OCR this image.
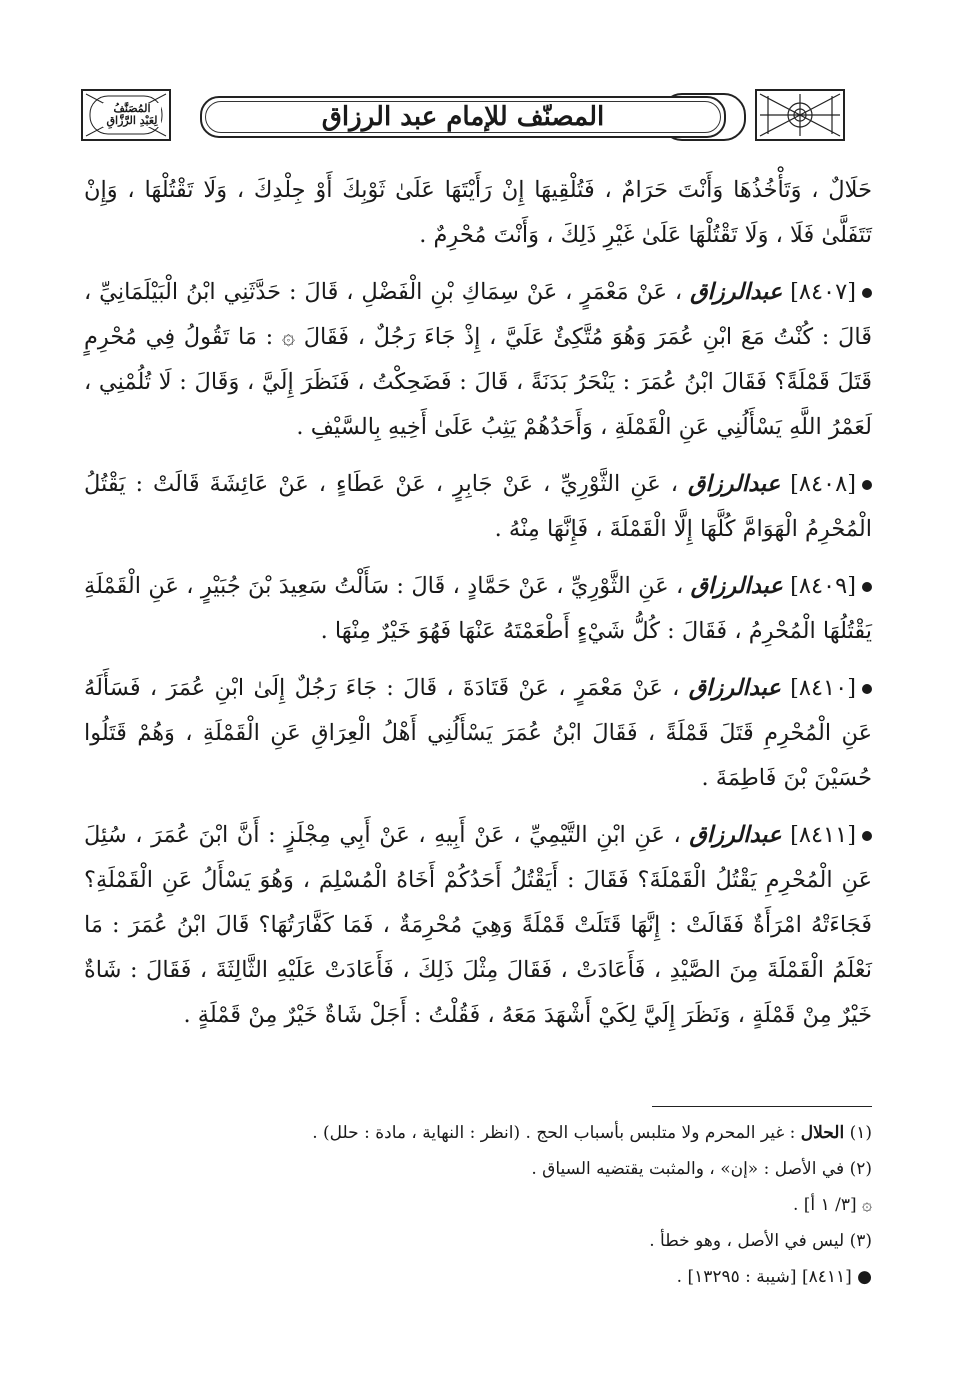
المصنّف للإمام عبد الرزاق
المُصَنَّفُ
لِعَبْدِ الرَّزَّاقِ

حَلَالٌ ، وَتَأْخُذُهَا وَأَنْتَ حَرَامٌ ، فَتُلْقِيهَا إِنْ رَأَيْتَهَا عَلَىٰ ثَوْبِكَ أَوْ جِلْدِكَ ، وَلَا تَقْتُلْهَا ، وَإِنْ تَتَفَلَّىٰ فَلَا ، وَلَا تَقْتُلْهَا عَلَىٰ غَيْرِ ذَلِكَ ، وَأَنْتَ مُحْرِمٌ .

[٨٤٠٧] عبدالرزاق ، عَنْ مَعْمَرٍ ، عَنْ سِمَاكِ بْنِ الْفَضْلِ ، قَالَ : حَدَّثَنِي ابْنُ الْبَيْلَمَانِيِّ ، قَالَ : كُنْتُ مَعَ ابْنِ عُمَرَ وَهُوَ مُتَّكِئٌ عَلَيَّ ، إِذْ جَاءَ رَجُلٌ ، فَقَالَ ۞ : مَا تَقُولُ فِي مُحْرِمٍ قَتَلَ قَمْلَةً؟ فَقَالَ ابْنُ عُمَرَ : يَنْحَرُ بَدَنَةً ، قَالَ : فَضَحِكْتُ ، فَنَظَرَ إِلَيَّ ، وَقَالَ : لَا تُلُمْنِي ، لَعَمْرُ اللَّهِ يَسْأَلُنِي عَنِ الْقَمْلَةِ ، وَأَحَدُهُمْ يَثِبُ عَلَىٰ أَخِيهِ بِالسَّيْفِ .

[٨٤٠٨] عبدالرزاق ، عَنِ الثَّوْرِيِّ ، عَنْ جَابِرٍ ، عَنْ عَطَاءٍ ، عَنْ عَائِشَةَ قَالَتْ : يَقْتُلُ الْمُحْرِمُ الْهَوَامَّ كُلَّهَا إِلَّا الْقَمْلَةَ ، فَإِنَّهَا مِنْهُ .

[٨٤٠٩] عبدالرزاق ، عَنِ الثَّوْرِيِّ ، عَنْ حَمَّادٍ ، قَالَ : سَأَلْتُ سَعِيدَ بْنَ جُبَيْرٍ ، عَنِ الْقَمْلَةِ يَقْتُلُهَا الْمُحْرِمُ ، فَقَالَ : كُلُّ شَيْءٍ أَطْعَمْتَهُ عَنْهَا فَهُوَ خَيْرٌ مِنْهَا .

[٨٤١٠] عبدالرزاق ، عَنْ مَعْمَرٍ ، عَنْ قَتَادَةَ ، قَالَ : جَاءَ رَجُلٌ إِلَىٰ ابْنِ عُمَرَ ، فَسَأَلَهُ عَنِ الْمُحْرِمِ قَتَلَ قَمْلَةً ، فَقَالَ ابْنُ عُمَرَ يَسْأَلُنِي أَهْلُ الْعِرَاقِ عَنِ الْقَمْلَةِ ، وَهُمْ قَتَلُوا حُسَيْنَ بْنَ فَاطِمَةَ .

[٨٤١١] عبدالرزاق ، عَنِ ابْنِ التَّيْمِيِّ ، عَنْ أَبِيهِ ، عَنْ أَبِي مِجْلَزٍ : أَنَّ ابْنَ عُمَرَ ، سُئِلَ عَنِ الْمُحْرِمِ يَقْتُلُ الْقَمْلَةَ؟ فَقَالَ : أَيَقْتُلُ أَحَدُكُمْ أَخَاهُ الْمُسْلِمَ ، وَهُوَ يَسْأَلُ عَنِ الْقَمْلَةِ؟ فَجَاءَتْهُ امْرَأَةٌ فَقَالَتْ : إِنَّهَا قَتَلَتْ قَمْلَةً وَهِيَ مُحْرِمَةٌ ، فَمَا كَفَّارَتُهَا؟ قَالَ ابْنُ عُمَرَ : مَا نَعْلَمُ الْقَمْلَةَ مِنَ الصَّيْدِ ، فَأَعَادَتْ ، فَقَالَ مِثْلَ ذَلِكَ ، فَأَعَادَتْ عَلَيْهِ الثَّالِثَةَ ، فَقَالَ : شَاةٌ خَيْرٌ مِنْ قَمْلَةٍ ، وَنَظَرَ إِلَيَّ لِكَيْ أَشْهَدَ مَعَهُ ، فَقُلْتُ : أَجَلْ شَاةٌ خَيْرٌ مِنْ قَمْلَةٍ .

(١) الحلال : غير المحرم ولا متلبس بأسباب الحج . (انظر : النهاية ، مادة : حلل) .

(٢) في الأصل : «إن» ، والمثبت يقتضيه السياق .

۞ [٣/ ١ أ] .

(٣) ليس في الأصل ، وهو خطأ .

● [٨٤١١] [شيبة : ١٣٢٩٥] .
